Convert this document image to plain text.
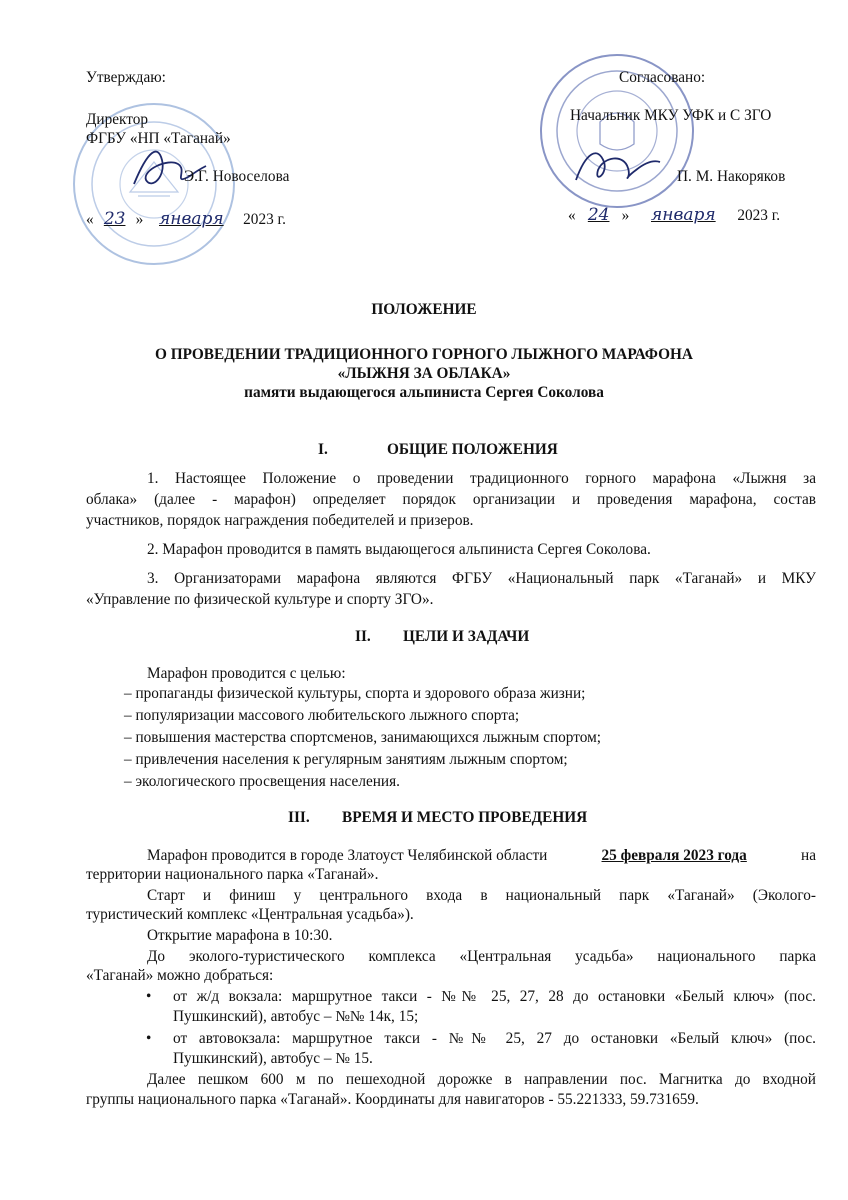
Утверждаю:
Директор
ФГБУ «НП «Таганай»
Э.Г. Новоселова
« 23 » января 2023 г.
Согласовано:
Начальник МКУ УФК и С ЗГО
П. М. Накоряков
« 24 » января 2023 г.
ПОЛОЖЕНИЕ
О ПРОВЕДЕНИИ ТРАДИЦИОННОГО ГОРНОГО ЛЫЖНОГО МАРАФОНА
«ЛЫЖНЯ ЗА ОБЛАКА»
памяти выдающегося альпиниста Сергея Соколова
I.	ОБЩИЕ ПОЛОЖЕНИЯ
1. Настоящее Положение о проведении традиционного горного марафона «Лыжня за
облака» (далее - марафон) определяет порядок организации и проведения марафона, состав
участников, порядок награждения победителей и призеров.
2. Марафон проводится в память выдающегося альпиниста Сергея Соколова.
3. Организаторами марафона являются ФГБУ «Национальный парк «Таганай» и МКУ
«Управление по физической культуре и спорту ЗГО».
II. ЦЕЛИ И ЗАДАЧИ
Марафон проводится с целью:
– пропаганды физической культуры, спорта и здорового образа жизни;
– популяризации массового любительского лыжного спорта;
– повышения мастерства спортсменов, занимающихся лыжным спортом;
– привлечения населения к регулярным занятиям лыжным спортом;
– экологического просвещения населения.
III. ВРЕМЯ И МЕСТО ПРОВЕДЕНИЯ
Марафон проводится в городе Златоуст Челябинской области	25 февраля 2023 года	на
территории национального парка «Таганай».
Старт и финиш у центрального входа в национальный парк «Таганай» (Эколого-
туристический комплекс «Центральная усадьба»).
Открытие марафона в 10:30.
До эколого-туристического комплекса «Центральная усадьба» национального парка
«Таганай» можно добраться:
• от ж/д вокзала: маршрутное такси - №№ 25, 27, 28 до остановки «Белый ключ» (пос.
Пушкинский), автобус – №№ 14к, 15;
• от автовокзала: маршрутное такси - №№ 25, 27 до остановки «Белый ключ» (пос.
Пушкинский), автобус – № 15.
Далее пешком 600 м по пешеходной дорожке в направлении пос. Магнитка до входной
группы национального парка «Таганай». Координаты для навигаторов - 55.221333, 59.731659.
